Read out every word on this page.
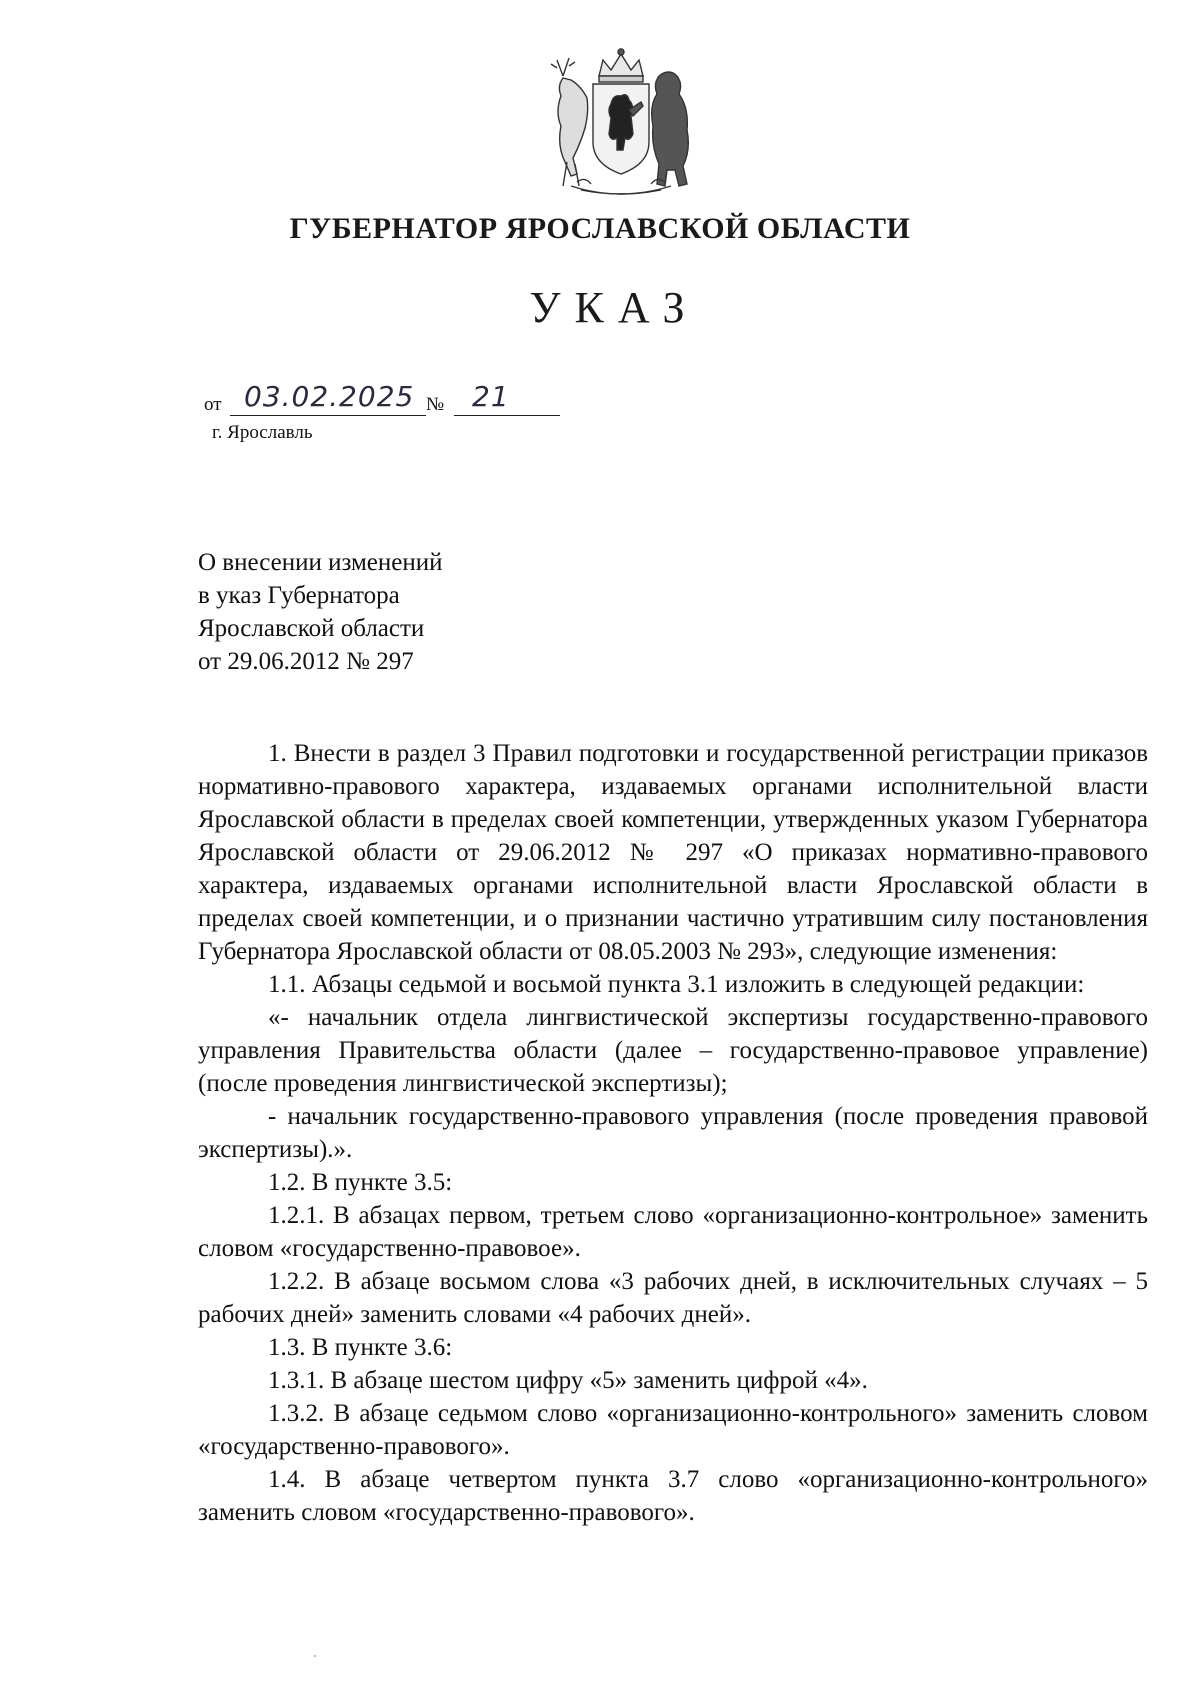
ГУБЕРНАТОР ЯРОСЛАВСКОЙ ОБЛАСТИ
УКАЗ
от 03.02.2025 № 21
г. Ярославль
О внесении изменений
в указ Губернатора
Ярославской области
от 29.06.2012 № 297

1. Внести в раздел 3 Правил подготовки и государственной регистрации приказов нормативно-правового характера, издаваемых органами исполнительной власти Ярославской области в пределах своей компетенции, утвержденных указом Губернатора Ярославской области от 29.06.2012 № 297 «О приказах нормативно-правового характера, издаваемых органами исполнительной власти Ярославской области в пределах своей компетенции, и о признании частично утратившим силу постановления Губернатора Ярославской области от 08.05.2003 № 293», следующие изменения:

1.1. Абзацы седьмой и восьмой пункта 3.1 изложить в следующей редакции:

«- начальник отдела лингвистической экспертизы государственно-правового управления Правительства области (далее – государственно-правовое управление) (после проведения лингвистической экспертизы);

- начальник государственно-правового управления (после проведения правовой экспертизы).».

1.2. В пункте 3.5:

1.2.1. В абзацах первом, третьем слово «организационно-контрольное» заменить словом «государственно-правовое».

1.2.2. В абзаце восьмом слова «3 рабочих дней, в исключительных случаях – 5 рабочих дней» заменить словами «4 рабочих дней».

1.3. В пункте 3.6:

1.3.1. В абзаце шестом цифру «5» заменить цифрой «4».

1.3.2. В абзаце седьмом слово «организационно-контрольного» заменить словом «государственно-правового».

1.4. В абзаце четвертом пункта 3.7 слово «организационно-контрольного» заменить словом «государственно-правового».
